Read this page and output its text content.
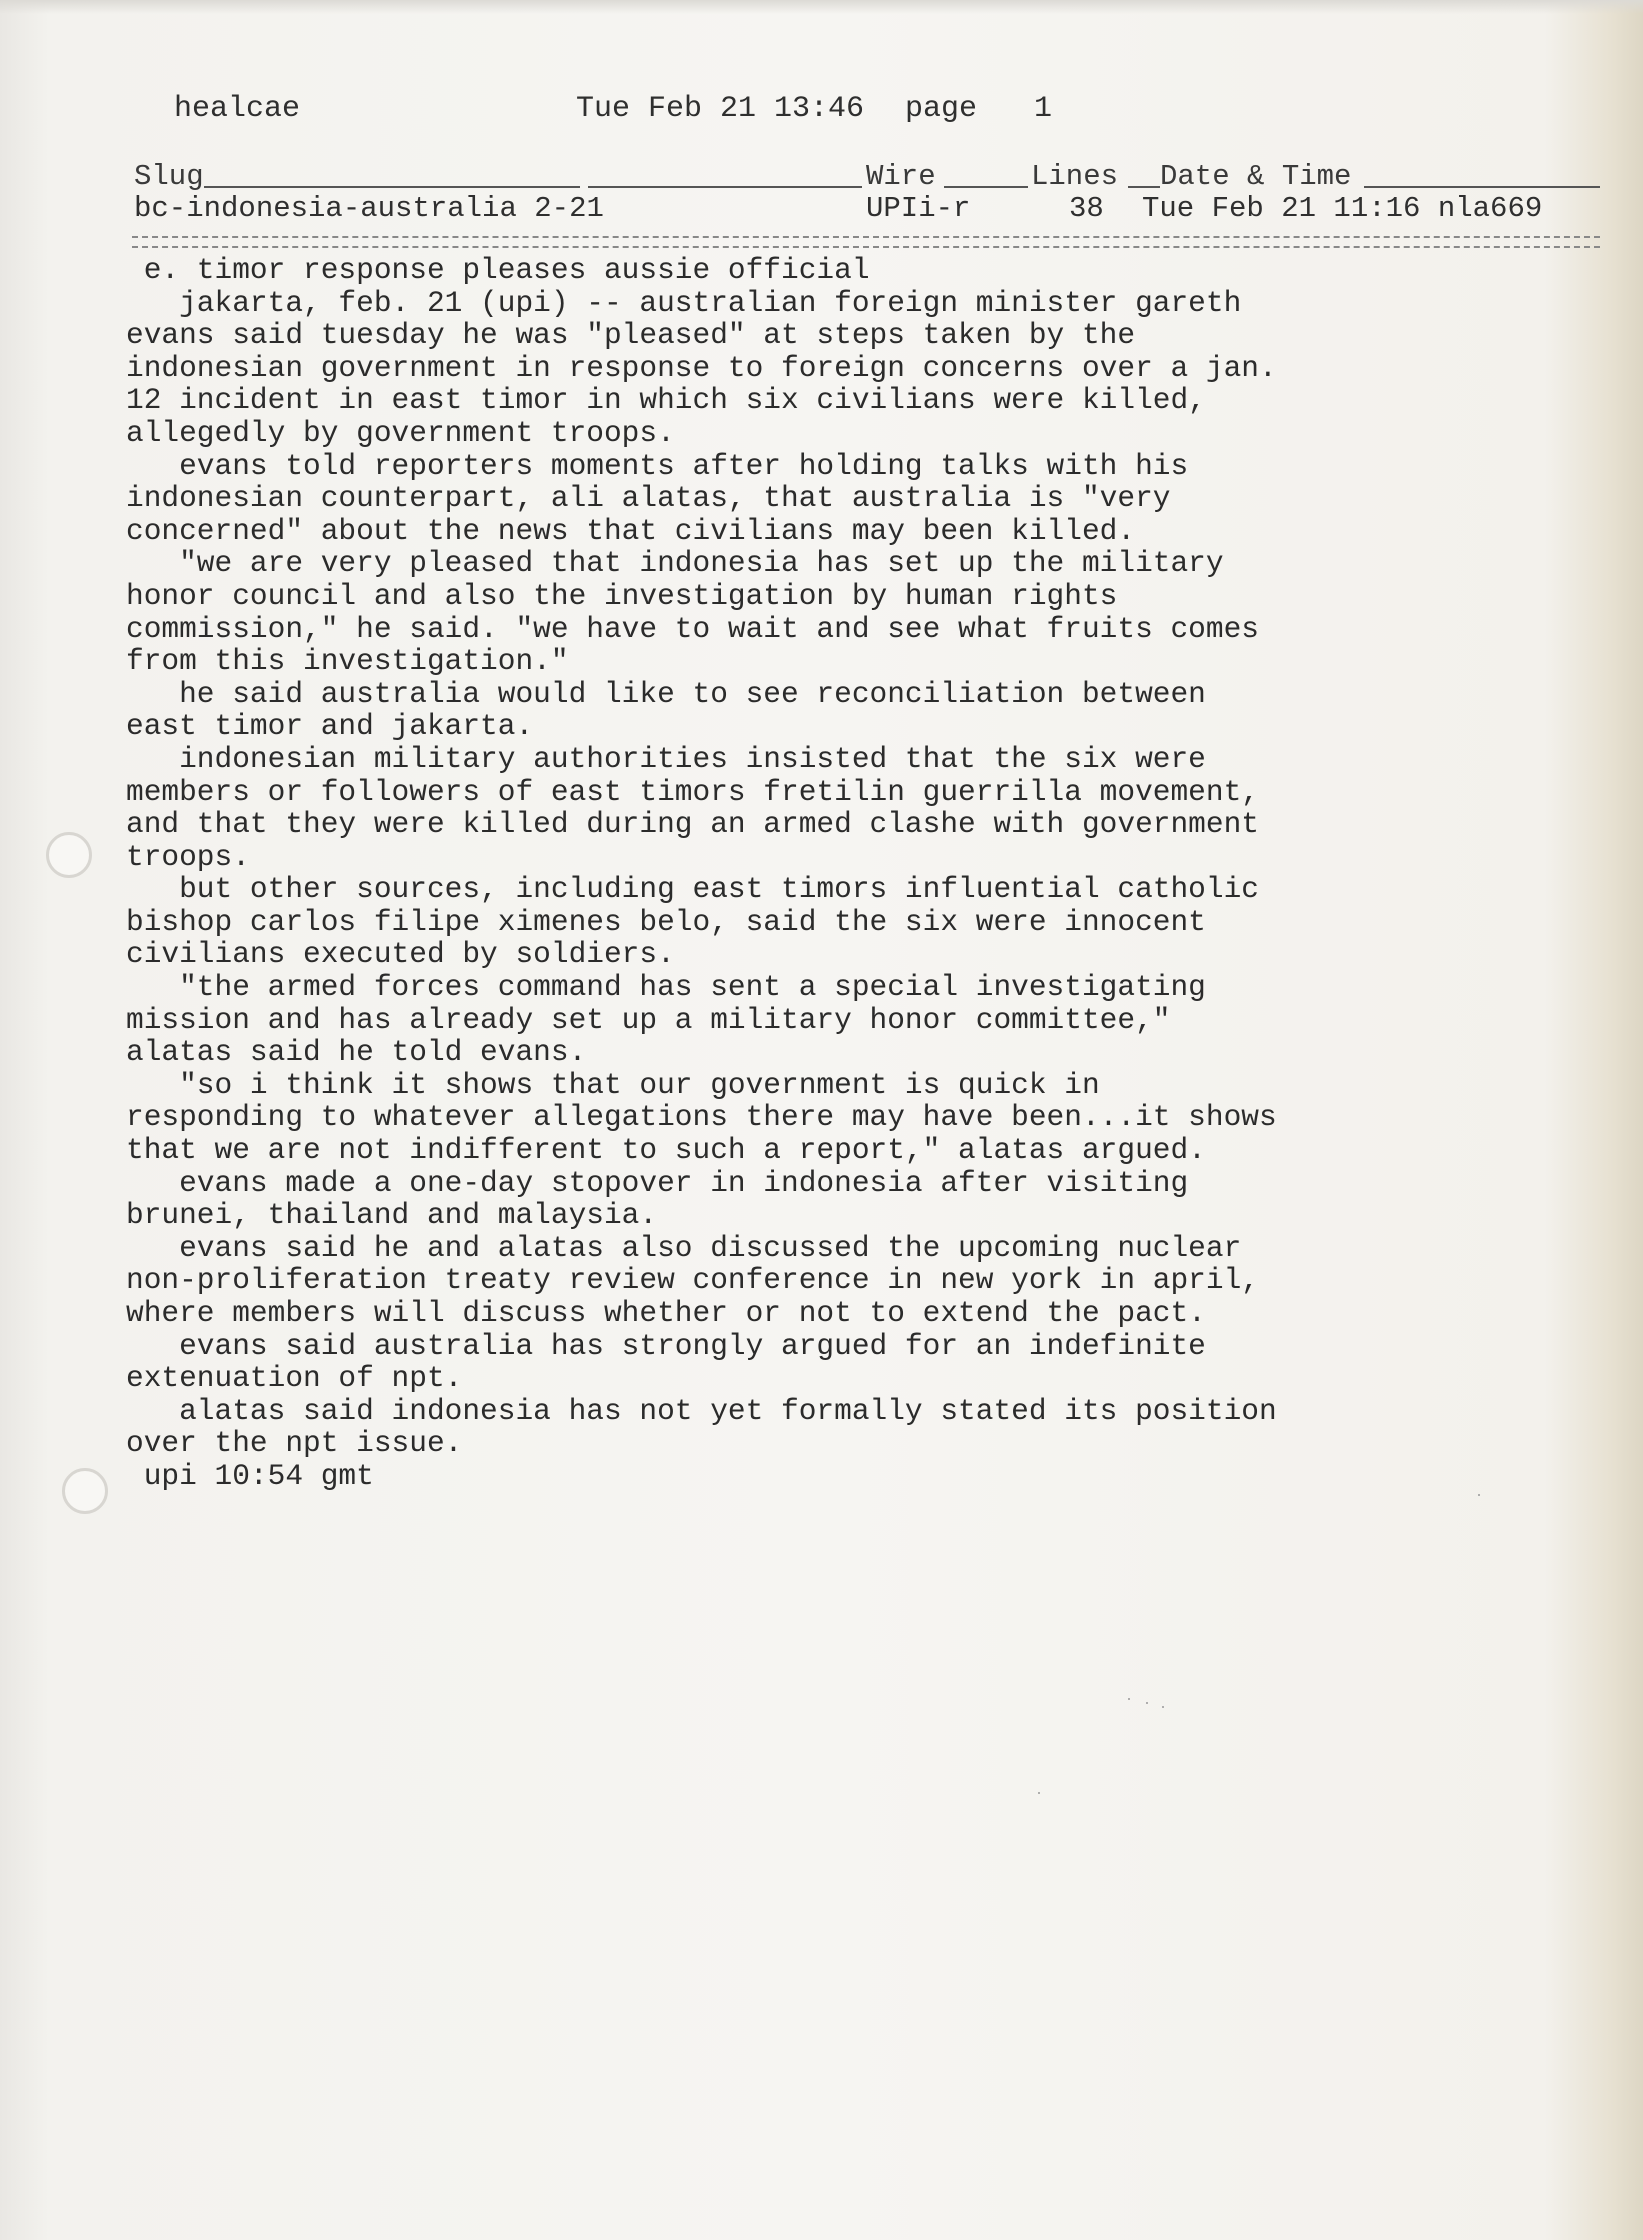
healcae	Tue Feb 21 13:46 page 1
Slug	Wire	Lines Date & Time
bc-indonesia-australia 2-21	UPIi-r	38 Tue Feb 21 11:16 nla669
e. timor response pleases aussie official
jakarta, feb. 21 (upi) -- australian foreign minister gareth
evans said tuesday he was "pleased" at steps taken by the
indonesian government in response to foreign concerns over a jan.
12 incident in east timor in which six civilians were killed,
allegedly by government troops.
evans told reporters moments after holding talks with his
indonesian counterpart, ali alatas, that australia is "very
concerned" about the news that civilians may been killed.
"we are very pleased that indonesia has set up the military
honor council and also the investigation by human rights
commission," he said. "we have to wait and see what fruits comes
from this investigation."
he said australia would like to see reconciliation between
east timor and jakarta.
indonesian military authorities insisted that the six were
members or followers of east timors fretilin guerrilla movement,
and that they were killed during an armed clashe with government
troops.
but other sources, including east timors influential catholic
bishop carlos filipe ximenes belo, said the six were innocent
civilians executed by soldiers.
"the armed forces command has sent a special investigating
mission and has already set up a military honor committee,"
alatas said he told evans.
"so i think it shows that our government is quick in
responding to whatever allegations there may have been...it shows
that we are not indifferent to such a report," alatas argued.
evans made a one-day stopover in indonesia after visiting
brunei, thailand and malaysia.
evans said he and alatas also discussed the upcoming nuclear
non-proliferation treaty review conference in new york in april,
where members will discuss whether or not to extend the pact.
evans said australia has strongly argued for an indefinite
extenuation of npt.
alatas said indonesia has not yet formally stated its position
over the npt issue.
upi 10:54 gmt
